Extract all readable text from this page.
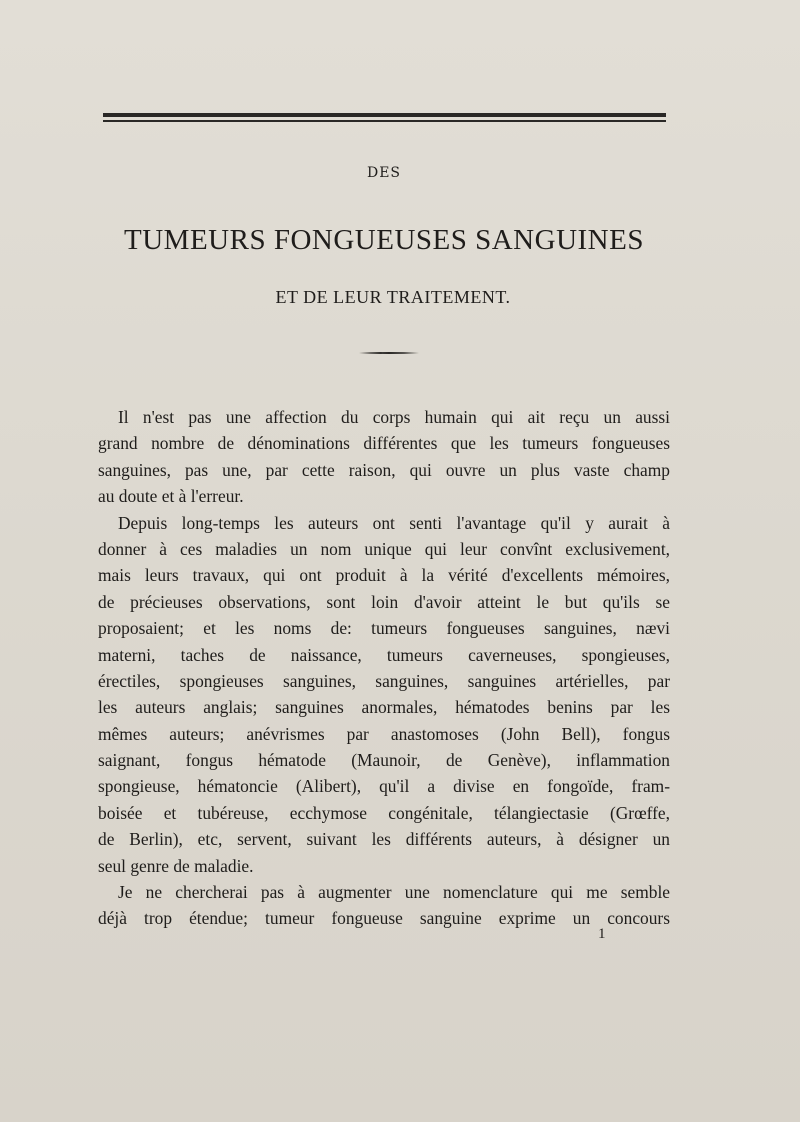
DES
TUMEURS FONGUEUSES SANGUINES
ET DE LEUR TRAITEMENT.
Il n'est pas une affection du corps humain qui ait reçu un aussi
grand nombre de dénominations différentes que les tumeurs fongueuses
sanguines, pas une, par cette raison, qui ouvre un plus vaste champ
au doute et à l'erreur.
Depuis long-temps les auteurs ont senti l'avantage qu'il y aurait à
donner à ces maladies un nom unique qui leur convînt exclusivement,
mais leurs travaux, qui ont produit à la vérité d'excellents mémoires,
de précieuses observations, sont loin d'avoir atteint le but qu'ils se
proposaient; et les noms de: tumeurs fongueuses sanguines, nævi
materni, taches de naissance, tumeurs caverneuses, spongieuses,
érectiles, spongieuses sanguines, sanguines, sanguines artérielles, par
les auteurs anglais; sanguines anormales, hématodes benins par les
mêmes auteurs; anévrismes par anastomoses (John Bell), fongus
saignant, fongus hématode (Maunoir, de Genève), inflammation
spongieuse, hématoncie (Alibert), qu'il a divise en fongoïde, fram-
boisée et tubéreuse, ecchymose congénitale, télangiectasie (Grœffe,
de Berlin), etc, servent, suivant les différents auteurs, à désigner un
seul genre de maladie.
Je ne chercherai pas à augmenter une nomenclature qui me semble
déjà trop étendue; tumeur fongueuse sanguine exprime un concours
1
